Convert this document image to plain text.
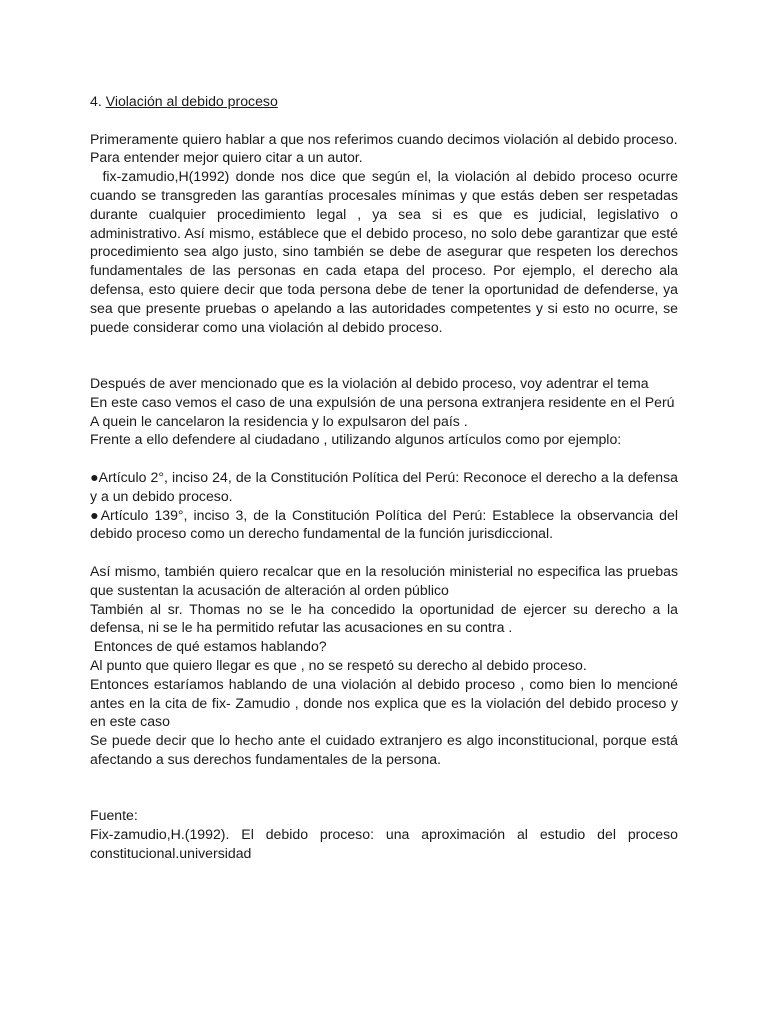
4. Violación al debido proceso
Primeramente quiero hablar a que nos referimos cuando decimos violación al debido proceso.
Para entender mejor quiero citar a un autor.
fix-zamudio,H(1992) donde nos dice que según el, la violación al debido proceso ocurre cuando se transgreden las garantías procesales mínimas y que estás deben ser respetadas durante cualquier procedimiento legal , ya sea si es que es judicial, legislativo o administrativo. Así mismo, estáblece que el debido proceso, no solo debe garantizar que esté procedimiento sea algo justo, sino también se debe de asegurar que respeten los derechos fundamentales de las personas en cada etapa del proceso. Por ejemplo, el derecho ala defensa, esto quiere decir que toda persona debe de tener la oportunidad de defenderse, ya sea que presente pruebas o apelando a las autoridades competentes y si esto no ocurre, se puede considerar como una violación al debido proceso.
Después de aver mencionado que es la violación al debido proceso, voy adentrar el tema
En este caso vemos el caso de una expulsión de una persona extranjera residente en el Perú
A quein le cancelaron la residencia y lo expulsaron del país .
Frente a ello defendere al ciudadano , utilizando algunos artículos como por ejemplo:
●Artículo 2°, inciso 24, de la Constitución Política del Perú: Reconoce el derecho a la defensa y a un debido proceso.
●Artículo 139°, inciso 3, de la Constitución Política del Perú: Establece la observancia del debido proceso como un derecho fundamental de la función jurisdiccional.
Así mismo, también quiero recalcar que en la resolución ministerial no especifica las pruebas que sustentan la acusación de alteración al orden público
También al sr. Thomas no se le ha concedido la oportunidad de ejercer su derecho a la defensa, ni se le ha permitido refutar las acusaciones en su contra .
Entonces de qué estamos hablando?
Al punto que quiero llegar es que , no se respetó su derecho al debido proceso.
Entonces estaríamos hablando de una violación al debido proceso , como bien lo mencioné antes en la cita de fix- Zamudio , donde nos explica que es la violación del debido proceso y en este caso
Se puede decir que lo hecho ante el cuidado extranjero es algo inconstitucional, porque está afectando a sus derechos fundamentales de la persona.
Fuente:
Fix-zamudio,H.(1992). El debido proceso: una aproximación al estudio del proceso constitucional.universidad
